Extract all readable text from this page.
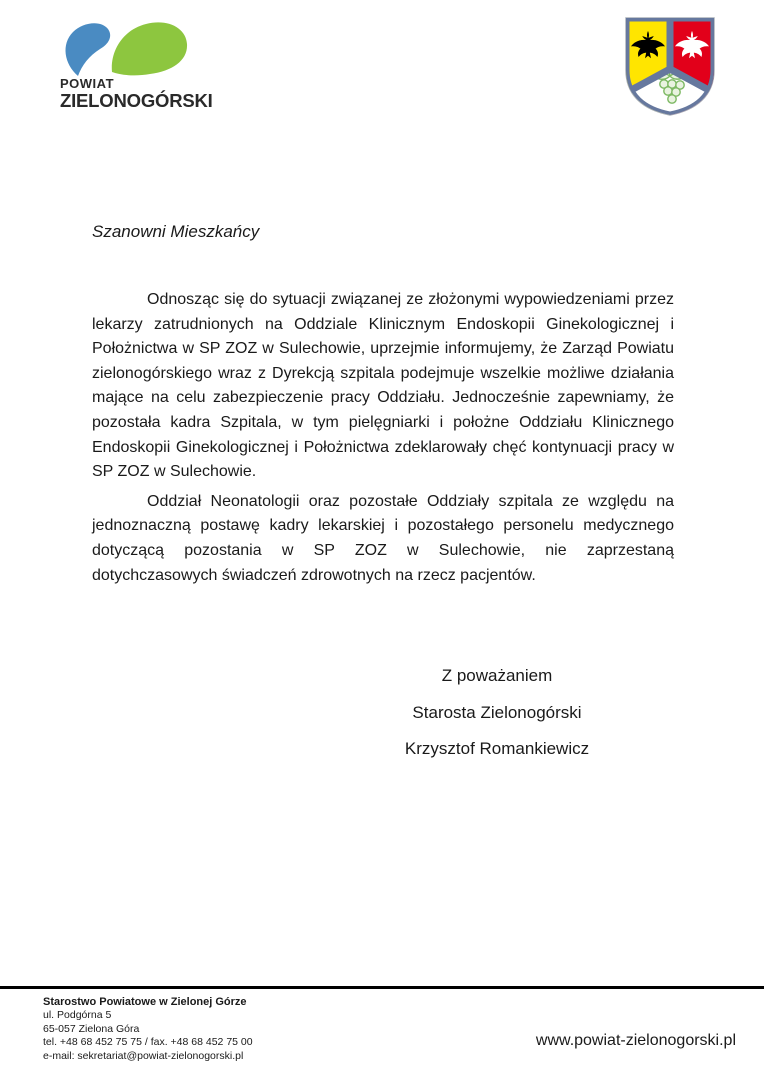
POWIAT
ZIELONOGÓRSKI
Szanowni Mieszkańcy

Odnosząc się do sytuacji związanej ze złożonymi wypowiedzeniami przez lekarzy zatrudnionych na Oddziale Klinicznym Endoskopii Ginekologicznej i Położnictwa w SP ZOZ w Sulechowie, uprzejmie informujemy, że Zarząd Powiatu zielonogórskiego wraz z Dyrekcją szpitala podejmuje wszelkie możliwe działania mające na celu zabezpieczenie pracy Oddziału. Jednocześnie zapewniamy, że pozostała kadra Szpitala, w tym pielęgniarki i położne Oddziału Klinicznego Endoskopii Ginekologicznej i Położnictwa zdeklarowały chęć kontynuacji pracy w SP ZOZ w Sulechowie.

Oddział Neonatologii oraz pozostałe Oddziały szpitala ze względu na jednoznaczną postawę kadry lekarskiej i pozostałego personelu medycznego dotyczącą pozostania w SP ZOZ w Sulechowie, nie zaprzestaną dotychczasowych świadczeń zdrowotnych na rzecz pacjentów.

Z poważaniem
Starosta Zielonogórski
Krzysztof Romankiewicz
Starostwo Powiatowe w Zielonej Górze
ul. Podgórna 5
65-057 Zielona Góra
tel. +48 68 452 75 75 / fax. +48 68 452 75 00
e-mail: sekretariat@powiat-zielonogorski.pl
www.powiat-zielonogorski.pl
